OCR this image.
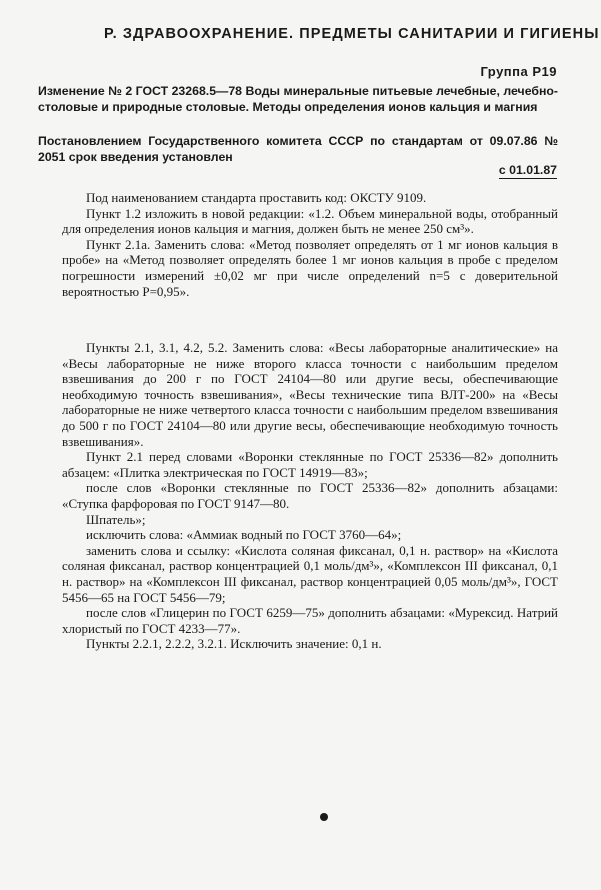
Р. ЗДРАВООХРАНЕНИЕ. ПРЕДМЕТЫ САНИТАРИИ И ГИГИЕНЫ
Группа Р19
Изменение № 2 ГОСТ 23268.5—78 Воды минеральные питьевые лечебные, лечебно-столовые и природные столовые. Методы определения ионов кальция и магния
Постановлением Государственного комитета СССР по стандартам от 09.07.86 № 2051 срок введения установлен
с 01.01.87

Под наименованием стандарта проставить код: ОКСТУ 9109.

Пункт 1.2 изложить в новой редакции: «1.2. Объем минеральной воды, отобранный для определения ионов кальция и магния, должен быть не менее 250 см³».

Пункт 2.1а. Заменить слова: «Метод позволяет определять от 1 мг ионов кальция в пробе» на «Метод позволяет определять более 1 мг ионов кальция в пробе с пределом погрешности измерений ±0,02 мг при числе определений n=5 с доверительной вероятностью P=0,95».

Пункты 2.1, 3.1, 4.2, 5.2. Заменить слова: «Весы лабораторные аналитические» на «Весы лабораторные не ниже второго класса точности с наибольшим пределом взвешивания до 200 г по ГОСТ 24104—80 или другие весы, обеспечивающие необходимую точность взвешивания», «Весы технические типа ВЛТ-200» на «Весы лабораторные не ниже четвертого класса точности с наибольшим пределом взвешивания до 500 г по ГОСТ 24104—80 или другие весы, обеспечивающие необходимую точность взвешивания».

Пункт 2.1 перед словами «Воронки стеклянные по ГОСТ 25336—82» дополнить абзацем: «Плитка электрическая по ГОСТ 14919—83»;

после слов «Воронки стеклянные по ГОСТ 25336—82» дополнить абзацами: «Ступка фарфоровая по ГОСТ 9147—80.

Шпатель»;

исключить слова: «Аммиак водный по ГОСТ 3760—64»;

заменить слова и ссылку: «Кислота соляная фиксанал, 0,1 н. раствор» на «Кислота соляная фиксанал, раствор концентрацией 0,1 моль/дм³», «Комплексон III фиксанал, 0,1 н. раствор» на «Комплексон III фиксанал, раствор концентрацией 0,05 моль/дм³», ГОСТ 5456—65 на ГОСТ 5456—79;

после слов «Глицерин по ГОСТ 6259—75» дополнить абзацами: «Мурексид. Натрий хлористый по ГОСТ 4233—77».

Пункты 2.2.1, 2.2.2, 3.2.1. Исключить значение: 0,1 н.
